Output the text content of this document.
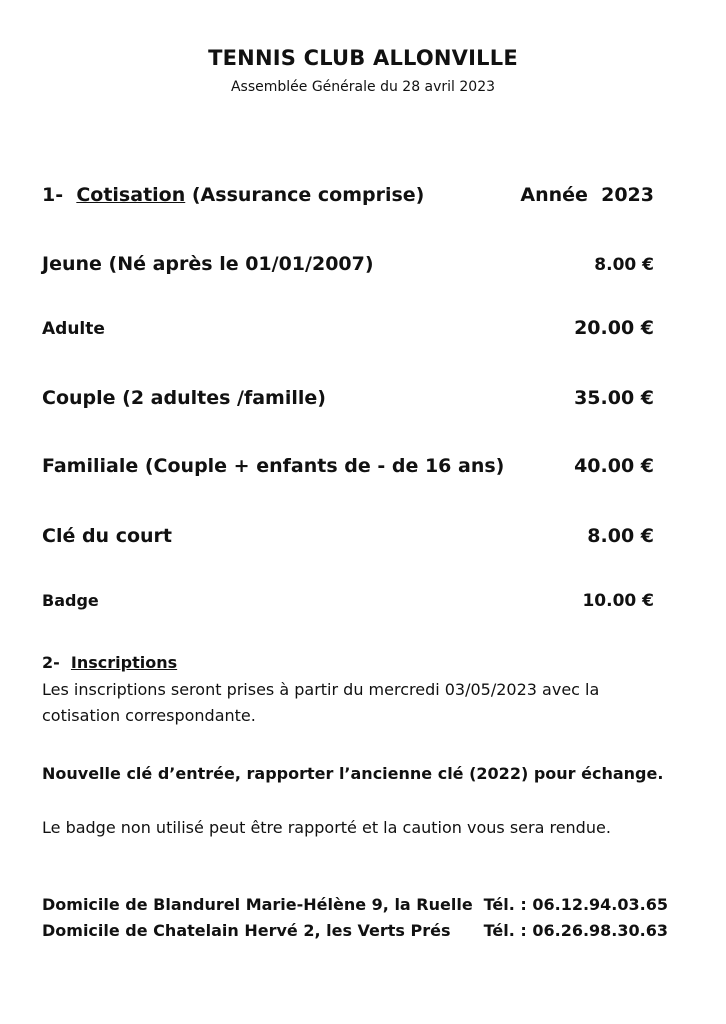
TENNIS CLUB ALLONVILLE
Assemblée Générale du 28 avril 2023
1- Cotisation (Assurance comprise)	Année  2023
Jeune (Né après le 01/01/2007)	8.00 €
Adulte	20.00 €
Couple (2 adultes /famille)	35.00 €
Familiale (Couple + enfants de - de 16 ans)	40.00 €
Clé du court	8.00 €
Badge	10.00 €
2- Inscriptions
Les inscriptions seront prises à partir du mercredi 03/05/2023 avec la cotisation correspondante.
Nouvelle clé d’entrée, rapporter l’ancienne clé (2022) pour échange.
Le badge non utilisé peut être rapporté et la caution vous sera rendue.
Domicile de Blandurel Marie-Hélène 9, la Ruelle Tél. : 06.12.94.03.65
Domicile de Chatelain Hervé 2, les Verts Prés Tél. : 06.26.98.30.63
